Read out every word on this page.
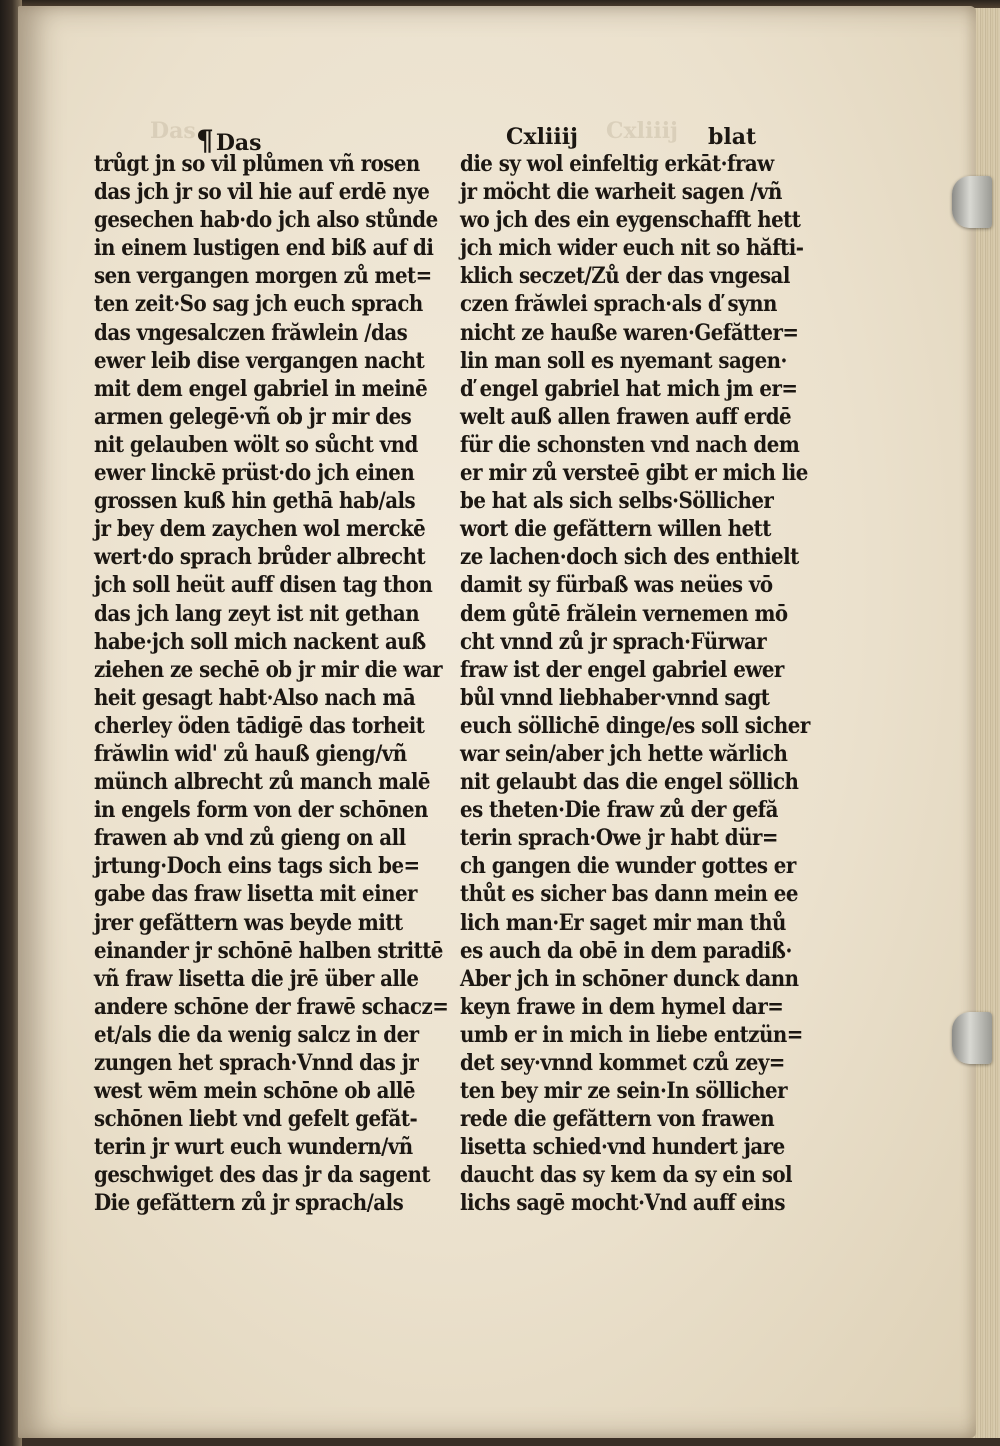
Das	Cxliiij
¶Das	Cxliiij	blat
trůgt jn so vil plůmen vñ rosen
das jch jr so vil hie auf erdē nye
gesechen hab·do jch also stůnde
in einem lustigen end biß auf di
sen vergangen morgen zů met=
ten zeit·So sag jch euch sprach
das vngesalczen frăwlein /das
ewer leib dise vergangen nacht
mit dem engel gabriel in meinē
armen gelegē·vñ ob jr mir des
nit gelauben wölt so sůcht vnd
ewer linckē prüst·do jch einen
grossen kuß hin gethā hab/als
jr bey dem zaychen wol merckē
wert·do sprach brůder albrecht
jch soll heüt auff disen tag thon
das jch lang zeyt ist nit gethan
habe·jch soll mich nackent auß
ziehen ze sechē ob jr mir die war
heit gesagt habt·Also nach mā
cherley öden tādigē das torheit
frăwlin wid' zů hauß gieng/vñ
münch albrecht zů manch malē
in engels form von der schōnen
frawen ab vnd zů gieng on all
jrtung·Doch eins tags sich be=
gabe das fraw lisetta mit einer
jrer gefăttern was beyde mitt
einander jr schōnē halben strittē
vñ fraw lisetta die jrē über alle
andere schōne der frawē schacz=
et/als die da wenig salcz in der
zungen het sprach·Vnnd das jr
west wēm mein schōne ob allē
schōnen liebt vnd gefelt gefăt-
terin jr wurt euch wundern/vñ
geschwiget des das jr da sagent
Die gefăttern zů jr sprach/als
die sy wol einfeltig erkāt·fraw
jr möcht die warheit sagen /vñ
wo jch des ein eygenschafft hett
jch mich wider euch nit so hăfti-
klich seczet/Zů der das vngesal
czen frăwlei sprach·als ď synn
nicht ze hauße waren·Gefătter=
lin man soll es nyemant sagen·
ď engel gabriel hat mich jm er=
welt auß allen frawen auff erdē
für die schonsten vnd nach dem
er mir zů versteē gibt er mich lie
be hat als sich selbs·Söllicher
wort die gefăttern willen hett
ze lachen·doch sich des enthielt
damit sy fürbaß was neües vō
dem gůtē frălein vernemen mō
cht vnnd zů jr sprach·Fürwar
fraw ist der engel gabriel ewer
bůl vnnd liebhaber·vnnd sagt
euch söllichē dinge/es soll sicher
war sein/aber jch hette wărlich
nit gelaubt das die engel söllich
es theten·Die fraw zů der gefă
terin sprach·Owe jr habt dür=
ch gangen die wunder gottes er
thůt es sicher bas dann mein ee
lich man·Er saget mir man thů
es auch da obē in dem paradiß·
Aber jch in schōner dunck dann
keyn frawe in dem hymel dar=
umb er in mich in liebe entzün=
det sey·vnnd kommet czů zey=
ten bey mir ze sein·In söllicher
rede die gefăttern von frawen
lisetta schied·vnd hundert jare
daucht das sy kem da sy ein sol
lichs sagē mocht·Vnd auff eins
